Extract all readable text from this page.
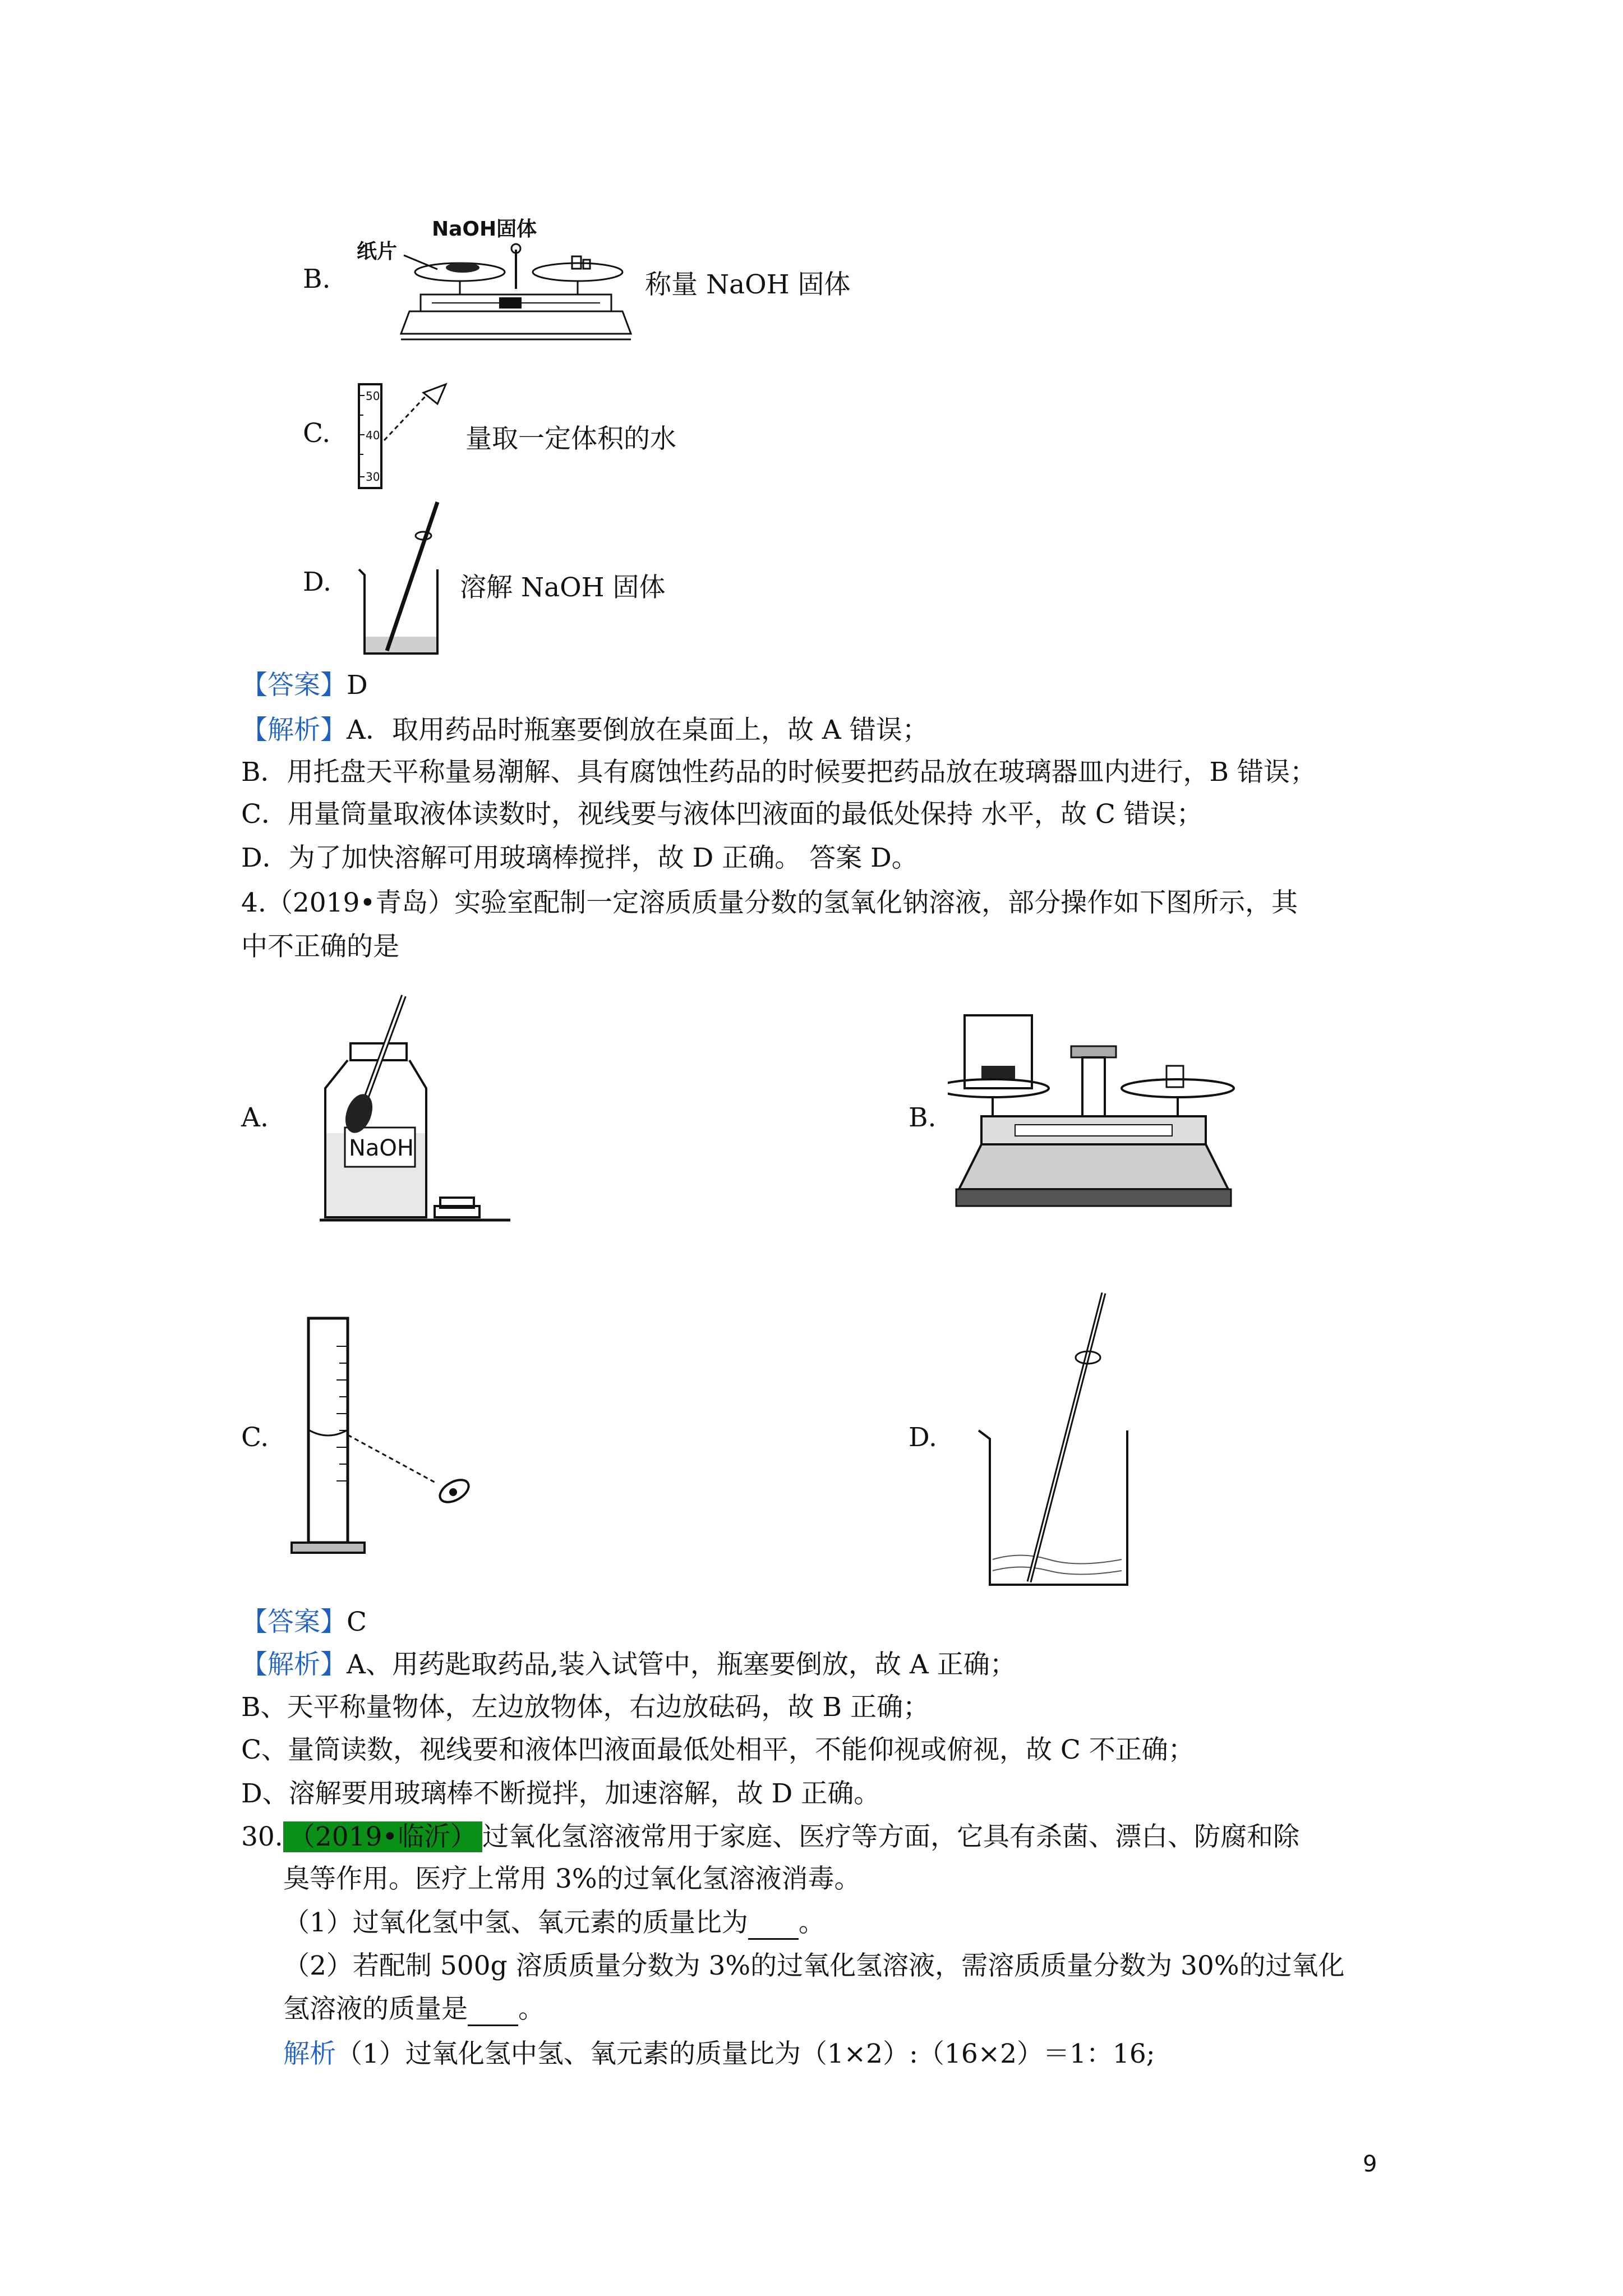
B.
NaOH固体
纸片
称量 NaOH 固体
C.
50
40
30
量取一定体积的水
D.	溶解 NaOH 固体
【答案】D
【解析】A．取用药品时瓶塞要倒放在桌面上，故 A 错误；
B．用托盘天平称量易潮解、具有腐蚀性药品的时候要把药品放在玻璃器皿内进行，B 错误；
C．用量筒量取液体读数时，视线要与液体凹液面的最低处保持 水平，故 C 错误；
D．为了加快溶解可用玻璃棒搅拌，故 D 正确。 答案 D。
4.（2019•青岛）实验室配制一定溶质质量分数的氢氧化钠溶液，部分操作如下图所示，其
中不正确的是
A.
NaOH
B.
C.	D.
【答案】C
【解析】A、用药匙取药品,装入试管中，瓶塞要倒放，故 A 正确；
B、天平称量物体，左边放物体，右边放砝码，故 B 正确；
C、量筒读数，视线要和液体凹液面最低处相平，不能仰视或俯视，故 C 不正确；
D、溶解要用玻璃棒不断搅拌，加速溶解，故 D 正确。
30. （2019•临沂） 过氧化氢溶液常用于家庭、医疗等方面，它具有杀菌、漂白、防腐和除
臭等作用。医疗上常用 3%的过氧化氢溶液消毒。
（1）过氧化氢中氢、氧元素的质量比为 。
（2）若配制 500g 溶质质量分数为 3%的过氧化氢溶液，需溶质质量分数为 30%的过氧化
氢溶液的质量是 。
解析（1）过氧化氢中氢、氧元素的质量比为（1×2）:（16×2）＝1：16;
9
